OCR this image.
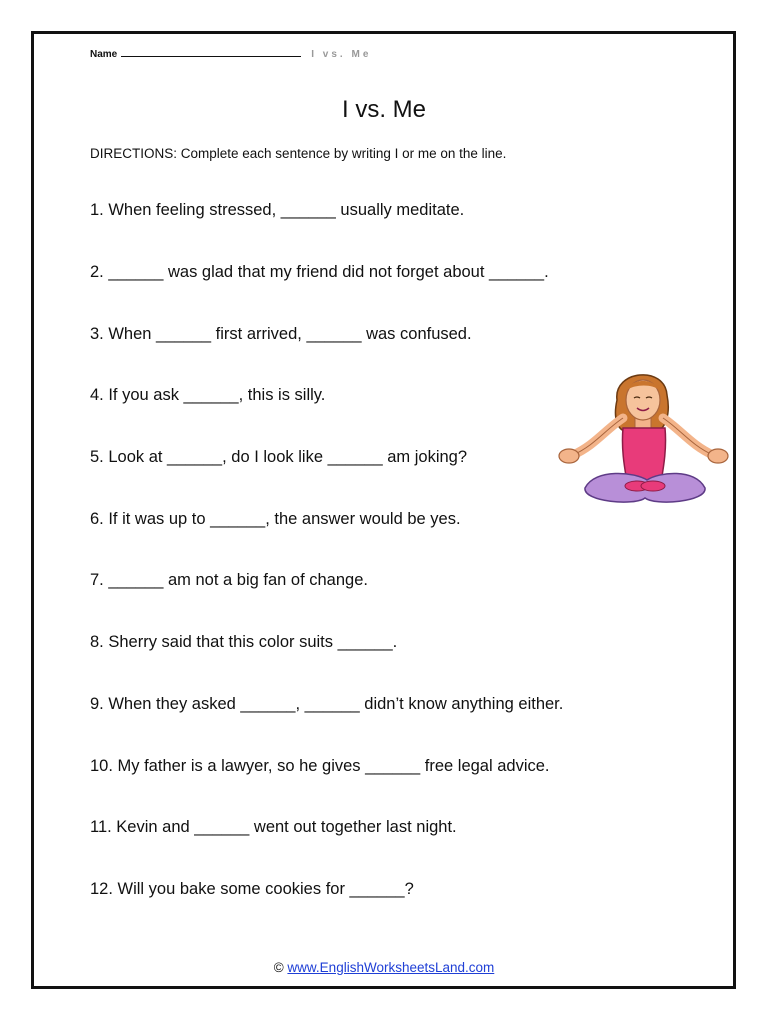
Name	I vs. Me
I vs. Me
DIRECTIONS: Complete each sentence by writing I or me on the line.
1. When feeling stressed, ______ usually meditate.
2. ______ was glad that my friend did not forget about ______.
3. When ______ first arrived, ______ was confused.
4. If you ask ______, this is silly.
5. Look at ______, do I look like ______ am joking?
6. If it was up to ______, the answer would be yes.
7. ______ am not a big fan of change.
8. Sherry said that this color suits ______.
9. When they asked ______, ______ didn’t know anything either.
10. My father is a lawyer, so he gives ______ free legal advice.
11. Kevin and ______ went out together last night.
12. Will you bake some cookies for ______?
© www.EnglishWorksheetsLand.com
